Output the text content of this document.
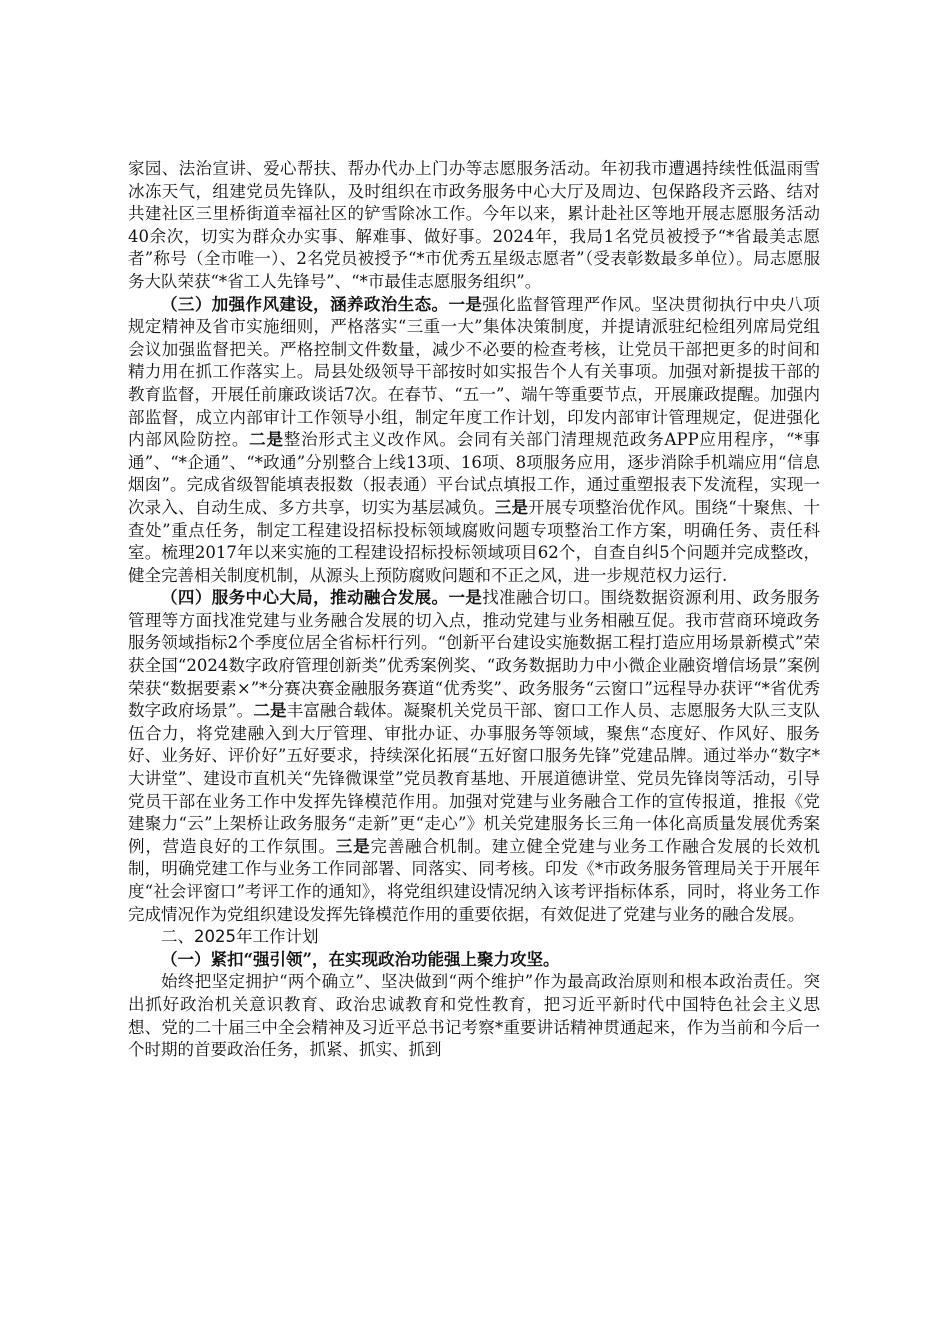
家园、法治宣讲、爱心帮扶、帮办代办上门办等志愿服务活动。年初我市遭遇持续性低温雨雪冰冻天气，组建党员先锋队，及时组织在市政务服务中心大厅及周边、包保路段齐云路、结对共建社区三里桥街道幸福社区的铲雪除冰工作。今年以来，累计赴社区等地开展志愿服务活动40余次，切实为群众办实事、解难事、做好事。2024年，我局1名党员被授予“*省最美志愿者”称号（全市唯一）、2名党员被授予“*市优秀五星级志愿者”（受表彰数最多单位）。局志愿服务大队荣获“*省工人先锋号”、“*市最佳志愿服务组织”。

（三）加强作风建设，涵养政治生态。一是强化监督管理严作风。坚决贯彻执行中央八项规定精神及省市实施细则，严格落实“三重一大”集体决策制度，并提请派驻纪检组列席局党组会议加强监督把关。严格控制文件数量，减少不必要的检查考核，让党员干部把更多的时间和精力用在抓工作落实上。局县处级领导干部按时如实报告个人有关事项。加强对新提拔干部的教育监督，开展任前廉政谈话7次。在春节、“五一”、端午等重要节点，开展廉政提醒。加强内部监督，成立内部审计工作领导小组，制定年度工作计划，印发内部审计管理规定，促进强化内部风险防控。二是整治形式主义改作风。会同有关部门清理规范政务APP应用程序，“*事通”、“*企通”、“*政通”分别整合上线13项、16项、8项服务应用，逐步消除手机端应用“信息烟囱”。完成省级智能填表报数（报表通）平台试点填报工作，通过重塑报表下发流程，实现一次录入、自动生成、多方共享，切实为基层减负。三是开展专项整治优作风。围绕“十聚焦、十查处”重点任务，制定工程建设招标投标领域腐败问题专项整治工作方案，明确任务、责任科室。梳理2017年以来实施的工程建设招标投标领域项目62个，自查自纠5个问题并完成整改，健全完善相关制度机制，从源头上预防腐败问题和不正之风，进一步规范权力运行.

（四）服务中心大局，推动融合发展。一是找准融合切口。围绕数据资源利用、政务服务管理等方面找准党建与业务融合发展的切入点，推动党建与业务相融互促。我市营商环境政务服务领域指标2个季度位居全省标杆行列。“创新平台建设实施数据工程打造应用场景新模式”荣获全国“2024数字政府管理创新类”优秀案例奖、“政务数据助力中小微企业融资增信场景”案例荣获“数据要素×”*分赛决赛金融服务赛道“优秀奖”、政务服务“云窗口”远程导办获评“*省优秀数字政府场景”。二是丰富融合载体。凝聚机关党员干部、窗口工作人员、志愿服务大队三支队伍合力，将党建融入到大厅管理、审批办证、办事服务等领域，聚焦“态度好、作风好、服务好、业务好、评价好”五好要求，持续深化拓展“五好窗口服务先锋”党建品牌。通过举办“数字*大讲堂”、建设市直机关“先锋微课堂”党员教育基地、开展道德讲堂、党员先锋岗等活动，引导党员干部在业务工作中发挥先锋模范作用。加强对党建与业务融合工作的宣传报道，推报《党建聚力“云”上架桥让政务服务“走新”更“走心”》机关党建服务长三角一体化高质量发展优秀案例，营造良好的工作氛围。三是完善融合机制。建立健全党建与业务工作融合发展的长效机制，明确党建工作与业务工作同部署、同落实、同考核。印发《*市政务服务管理局关于开展年度“社会评窗口”考评工作的通知》，将党组织建设情况纳入该考评指标体系，同时，将业务工作完成情况作为党组织建设发挥先锋模范作用的重要依据，有效促进了党建与业务的融合发展。

二、2025年工作计划

（一）紧扣“强引领”，在实现政治功能强上聚力攻坚。

始终把坚定拥护“两个确立”、坚决做到“两个维护”作为最高政治原则和根本政治责任。突出抓好政治机关意识教育、政治忠诚教育和党性教育，把习近平新时代中国特色社会主义思想、党的二十届三中全会精神及习近平总书记考察*重要讲话精神贯通起来，作为当前和今后一个时期的首要政治任务，抓紧、抓实、抓到
